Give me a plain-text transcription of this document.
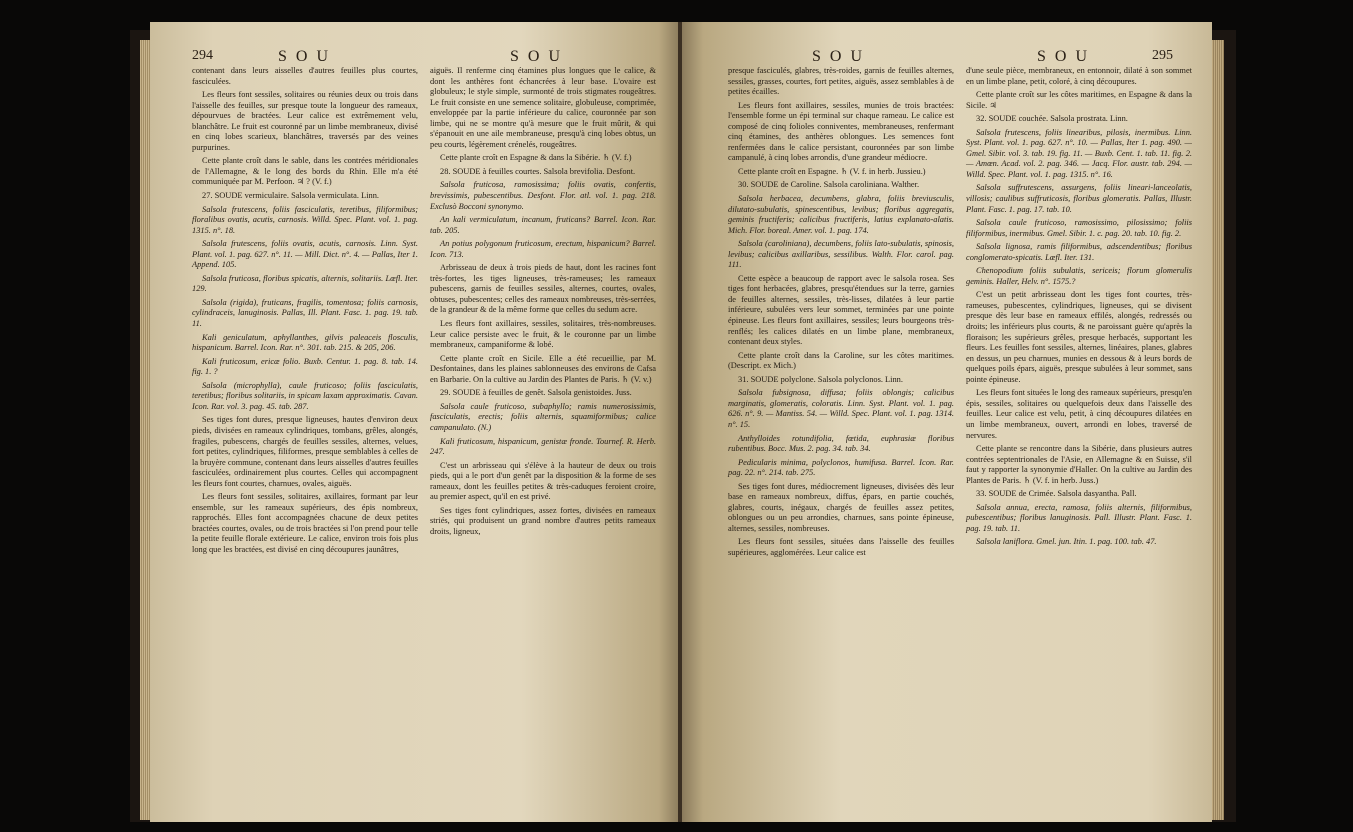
294	SOU	SOU

contenant dans leurs aisselles d'autres feuilles plus courtes, fasciculées.

Les fleurs font sessiles, solitaires ou réunies deux ou trois dans l'aisselle des feuilles, sur presque toute la longueur des rameaux, dépourvues de bractées. Leur calice est extrêmement velu, blanchâtre. Le fruit est couronné par un limbe membraneux, divisé en cinq lobes scarieux, blanchâtres, traversés par des veines purpurines.

Cette plante croît dans le sable, dans les contrées méridionales de l'Allemagne, & le long des bords du Rhin. Elle m'a été communiquée par M. Perfoon. ♃ ? (V. f.)

27. SOUDE vermiculaire. Salsola vermiculata. Linn.

Salsola frutescens, foliis fasciculatis, teretibus, filiformibus; floralibus ovatis, acutis, carnosis. Willd. Spec. Plant. vol. 1. pag. 1315. n°. 18.

Salsola frutescens, foliis ovatis, acutis, carnosis. Linn. Syst. Plant. vol. 1. pag. 627. n°. 11. — Mill. Dict. n°. 4. — Pallas, Iter 1. Append. 105.

Salsola fruticosa, floribus spicatis, alternis, solitariis. Lœfl. Iter. 129.

Salsola (rigida), fruticans, fragilis, tomentosa; foliis carnosis, cylindraceis, lanuginosis. Pallas, Ill. Plant. Fasc. 1. pag. 19. tab. 11.

Kali geniculatum, aphyllanthes, gilvis paleaceis flosculis, hispanicum. Barrel. Icon. Rar. n°. 301. tab. 215. & 205, 206.

Kali fruticosum, ericæ folio. Buxb. Centur. 1. pag. 8. tab. 14. fig. 1. ?

Salsola (microphylla), caule fruticoso; foliis fasciculatis, teretibus; floribus solitariis, in spicam laxam approximatis. Cavan. Icon. Rar. vol. 3. pag. 45. tab. 287.

Ses tiges font dures, presque ligneuses, hautes d'environ deux pieds, divisées en rameaux cylindriques, tombans, grêles, alongés, fragiles, pubescens, chargés de feuilles sessiles, alternes, velues, fort petites, cylindriques, filiformes, presque semblables à celles de la bruyère commune, contenant dans leurs aisselles d'autres feuilles fasciculées, ordinairement plus courtes. Celles qui accompagnent les fleurs font courtes, charnues, ovales, aiguës.

Les fleurs font sessiles, solitaires, axillaires, formant par leur ensemble, sur les rameaux supérieurs, des épis nombreux, rapprochés. Elles font accompagnées chacune de deux petites bractées courtes, ovales, ou de trois bractées si l'on prend pour telle la petite feuille florale extérieure. Le calice, environ trois fois plus long que les bractées, est divisé en cinq découpures jaunâtres,

aiguës. Il renferme cinq étamines plus longues que le calice, & dont les anthères font échancrées à leur base. L'ovaire est globuleux; le style simple, surmonté de trois stigmates rougeâtres. Le fruit consiste en une semence solitaire, globuleuse, comprimée, enveloppée par la partie inférieure du calice, couronnée par son limbe, qui ne se montre qu'à mesure que le fruit mûrit, & qui s'épanouit en une aile membraneuse, presqu'à cinq lobes obtus, un peu courts, légèrement crénelés, rougeâtres.

Cette plante croît en Espagne & dans la Sibérie. ♄ (V. f.)

28. SOUDE à feuilles courtes. Salsola brevifolia. Desfont.

Salsola fruticosa, ramosissima; foliis ovatis, confertis, brevissimis, pubescentibus. Desfont. Flor. atl. vol. 1. pag. 218. Exclusò Bocconi synonymo.

An kali vermiculatum, incanum, fruticans? Barrel. Icon. Rar. tab. 205.

An potius polygonum fruticosum, erectum, hispanicum? Barrel. Icon. 713.

Arbrisseau de deux à trois pieds de haut, dont les racines font très-fortes, les tiges ligneuses, très-rameuses; les rameaux pubescens, garnis de feuilles sessiles, alternes, courtes, ovales, obtuses, pubescentes; celles des rameaux nombreuses, très-serrées, de la grandeur & de la même forme que celles du sedum acre.

Les fleurs font axillaires, sessiles, solitaires, très-nombreuses. Leur calice persiste avec le fruit, & le couronne par un limbe membraneux, campaniforme & lobé.

Cette plante croît en Sicile. Elle a été recueillie, par M. Desfontaines, dans les plaines sablonneuses des environs de Cafsa en Barbarie. On la cultive au Jardin des Plantes de Paris. ♄ (V. v.)

29. SOUDE à feuilles de genêt. Salsola genistoides. Juss.

Salsola caule fruticoso, subaphyllo; ramis numerosissimis, fasciculatis, erectis; foliis alternis, squamiformibus; calice campanulato. (N.)

Kali fruticosum, hispanicum, genistæ fronde. Tournef. R. Herb. 247.

C'est un arbrisseau qui s'élève à la hauteur de deux ou trois pieds, qui a le port d'un genêt par la disposition & la forme de ses rameaux, dont les feuilles petites & très-caduques feroient croire, au premier aspect, qu'il en est privé.

Ses tiges font cylindriques, assez fortes, divisées en rameaux striés, qui produisent un grand nombre d'autres petits rameaux droits, ligneux,

SOU	SOU	295

presque fasciculés, glabres, très-roides, garnis de feuilles alternes, sessiles, grasses, courtes, fort petites, aiguës, assez semblables à de petites écailles.

Les fleurs font axillaires, sessiles, munies de trois bractées: l'ensemble forme un épi terminal sur chaque rameau. Le calice est composé de cinq folioles conniventes, membraneuses, renfermant cinq étamines, des anthères oblongues. Les semences font renfermées dans le calice persistant, couronnées par son limbe campanulé, à cinq lobes arrondis, d'une grandeur médiocre.

Cette plante croît en Espagne. ♄ (V. f. in herb. Jussieu.)

30. SOUDE de Caroline. Salsola caroliniana. Walther.

Salsola herbacea, decumbens, glabra, foliis breviusculis, dilutato-subulatis, spinescentibus, levibus; floribus aggregatis, geminis fructiferis; calicibus fructiferis, latius explanato-alatis. Mich. Flor. boreal. Amer. vol. 1. pag. 174.

Salsola (caroliniana), decumbens, foliis lato-subulatis, spinosis, levibus; calicibus axillaribus, sessilibus. Walth. Flor. carol. pag. 111.

Cette espèce a beaucoup de rapport avec le salsola rosea. Ses tiges font herbacées, glabres, presqu'étendues sur la terre, garnies de feuilles alternes, sessiles, très-lisses, dilatées à leur partie inférieure, subulées vers leur sommet, terminées par une pointe épineuse. Les fleurs font axillaires, sessiles; leurs bourgeons très-renflés; les calices dilatés en un limbe plane, membraneux, contenant deux styles.

Cette plante croît dans la Caroline, sur les côtes maritimes. (Descript. ex Mich.)

31. SOUDE polyclone. Salsola polyclonos. Linn.

Salsola fubsignosa, diffusa; foliis oblongis; calicibus marginatis, glomeratis, coloratis. Linn. Syst. Plant. vol. 1. pag. 626. n°. 9. — Mantiss. 54. — Willd. Spec. Plant. vol. 1. pag. 1314. n°. 15.

Anthylloides rotundifolia, fœtida, euphrasiæ floribus rubentibus. Bocc. Mus. 2. pag. 34. tab. 34.

Pedicularis minima, polyclonos, humifusa. Barrel. Icon. Rar. pag. 22. n°. 214. tab. 275.

Ses tiges font dures, médiocrement ligneuses, divisées dès leur base en rameaux nombreux, diffus, épars, en partie couchés, glabres, courts, inégaux, chargés de feuilles assez petites, oblongues ou un peu arrondies, charnues, sans pointe épineuse, alternes, sessiles, nombreuses.

Les fleurs font sessiles, situées dans l'aisselle des feuilles supérieures, agglomérées. Leur calice est

d'une seule pièce, membraneux, en entonnoir, dilaté à son sommet en un limbe plane, petit, coloré, à cinq découpures.

Cette plante croît sur les côtes maritimes, en Espagne & dans la Sicile. ♃

32. SOUDE couchée. Salsola prostrata. Linn.

Salsola frutescens, foliis linearibus, pilosis, inermibus. Linn. Syst. Plant. vol. 1. pag. 627. n°. 10. — Pallas, Iter 1. pag. 490. — Gmel. Sibir. vol. 3. tab. 19. fig. 11. — Buxb. Cent. 1. tab. 11. fig. 2. — Amœn. Acad. vol. 2. pag. 346. — Jacq. Flor. austr. tab. 294. — Willd. Spec. Plant. vol. 1. pag. 1315. n°. 16.

Salsola suffrutescens, assurgens, foliis lineari-lanceolatis, villosis; caulibus suffruticosis, floribus glomeratis. Pallas, Illustr. Plant. Fasc. 1. pag. 17. tab. 10.

Salsola caule fruticoso, ramosissimo, pilosissimo; foliis filiformibus, inermibus. Gmel. Sibir. 1. c. pag. 20. tab. 10. fig. 2.

Salsola lignosa, ramis filiformibus, adscendentibus; floribus conglomerato-spicatis. Lœfl. Iter. 131.

Chenopodium foliis subulatis, sericeis; florum glomerulis geminis. Haller, Helv. n°. 1575.?

C'est un petit arbrisseau dont les tiges font courtes, très-rameuses, pubescentes, cylindriques, ligneuses, qui se divisent presque dès leur base en rameaux effilés, alongés, redressés ou droits; les inférieurs plus courts, & ne paroissant guère qu'après la floraison; les supérieurs grêles, presque herbacés, supportant les fleurs. Les feuilles font sessiles, alternes, linéaires, planes, glabres en dessus, un peu charnues, munies en dessous & à leurs bords de quelques poils épars, aiguës, presque subulées à leur sommet, sans pointe épineuse.

Les fleurs font situées le long des rameaux supérieurs, presqu'en épis, sessiles, solitaires ou quelquefois deux dans l'aisselle des feuilles. Leur calice est velu, petit, à cinq découpures dilatées en un limbe membraneux, ouvert, arrondi en lobes, traversé de nervures.

Cette plante se rencontre dans la Sibérie, dans plusieurs autres contrées septentrionales de l'Asie, en Allemagne & en Suisse, s'il faut y rapporter la synonymie d'Haller. On la cultive au Jardin des Plantes de Paris. ♄ (V. f. in herb. Juss.)

33. SOUDE de Crimée. Salsola dasyantha. Pall.

Salsola annua, erecta, ramosa, foliis alternis, filiformibus, pubescentibus; floribus lanuginosis. Pall. Illustr. Plant. Fasc. 1. pag. 19. tab. 11.

Salsola laniflora. Gmel. jun. Itin. 1. pag. 100. tab. 47.
